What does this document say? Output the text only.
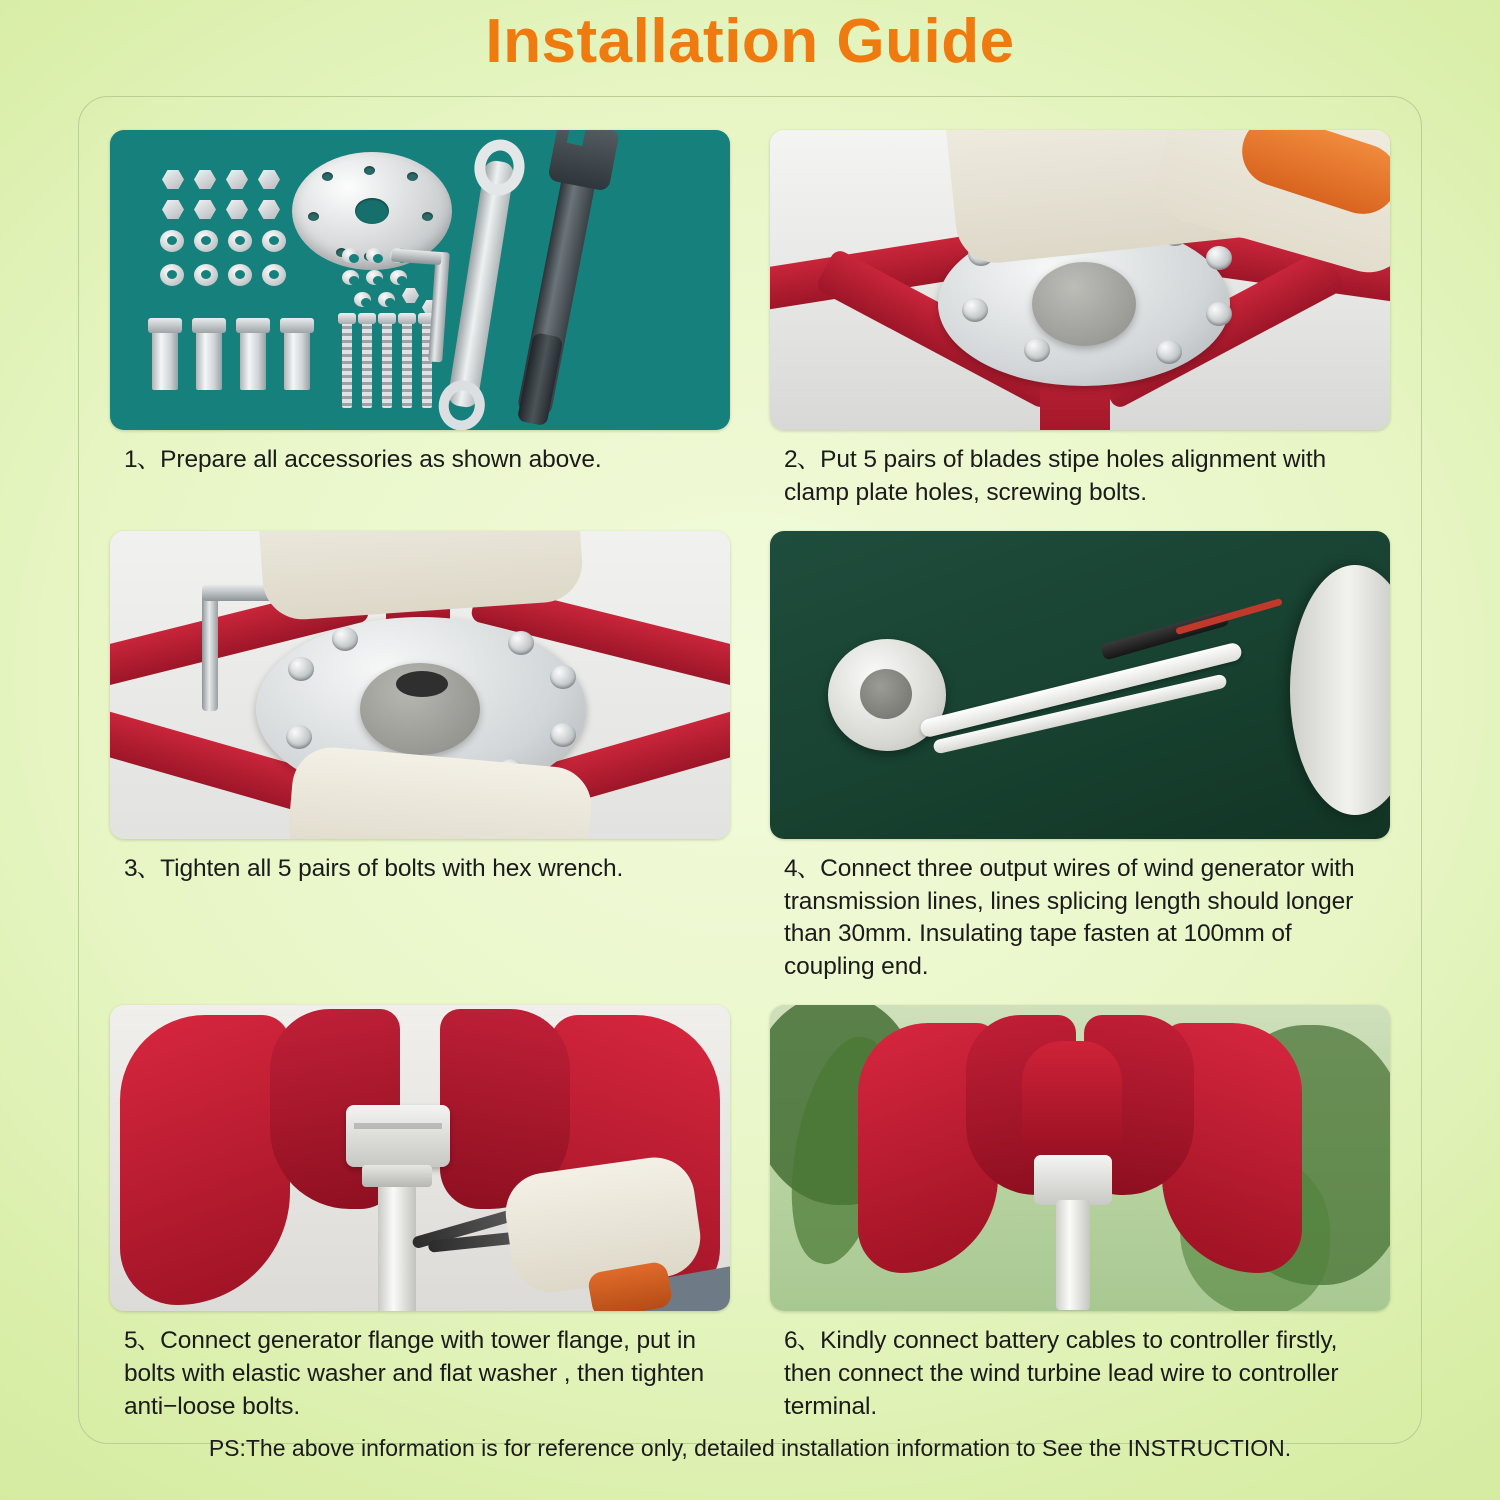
Installation Guide
1、Prepare all accessories as shown above.	2、Put 5 pairs of blades stipe holes alignment with clamp plate holes, screwing bolts.
3、Tighten all 5 pairs of bolts with hex wrench.	4、Connect three output wires of wind generator with transmission lines, lines splicing length should longer than 30mm. Insulating tape fasten at 100mm of coupling end.
5、Connect generator flange with tower flange, put in bolts with elastic washer and flat washer , then tighten anti−loose bolts.
6、Kindly connect battery cables to controller firstly, then connect the wind turbine lead wire to controller terminal.
PS:The above information is for reference only, detailed installation information to See the INSTRUCTION.
